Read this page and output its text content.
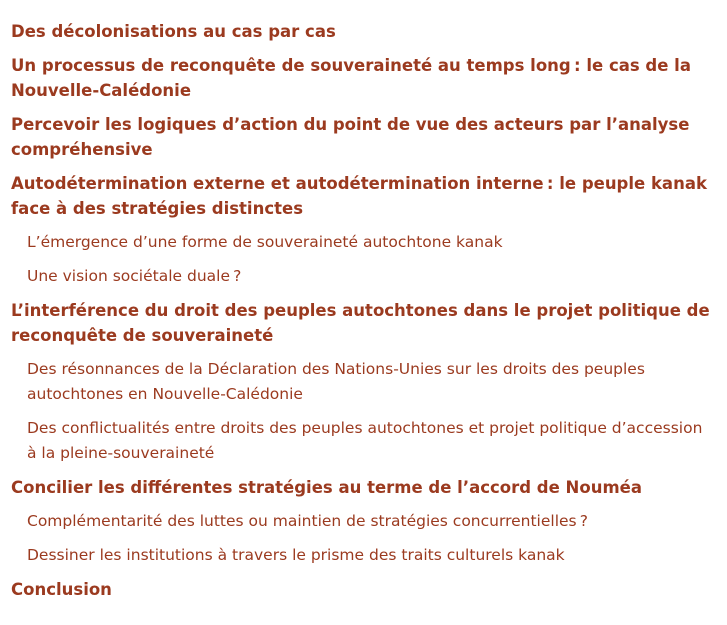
Des décolonisations au cas par cas
Un processus de reconquête de souveraineté au temps long : le cas de la Nouvelle-Calédonie
Percevoir les logiques d’action du point de vue des acteurs par l’analyse compréhensive
Autodétermination externe et autodétermination interne : le peuple kanak face à des stratégies distinctes
L’émergence d’une forme de souveraineté autochtone kanak
Une vision sociétale duale ?
L’interférence du droit des peuples autochtones dans le projet politique de reconquête de souveraineté
Des résonnances de la Déclaration des Nations-Unies sur les droits des peuples autochtones en Nouvelle-Calédonie
Des conflictualités entre droits des peuples autochtones et projet politique d’accession à la pleine-souveraineté
Concilier les différentes stratégies au terme de l’accord de Nouméa
Complémentarité des luttes ou maintien de stratégies concurrentielles ?
Dessiner les institutions à travers le prisme des traits culturels kanak
Conclusion
